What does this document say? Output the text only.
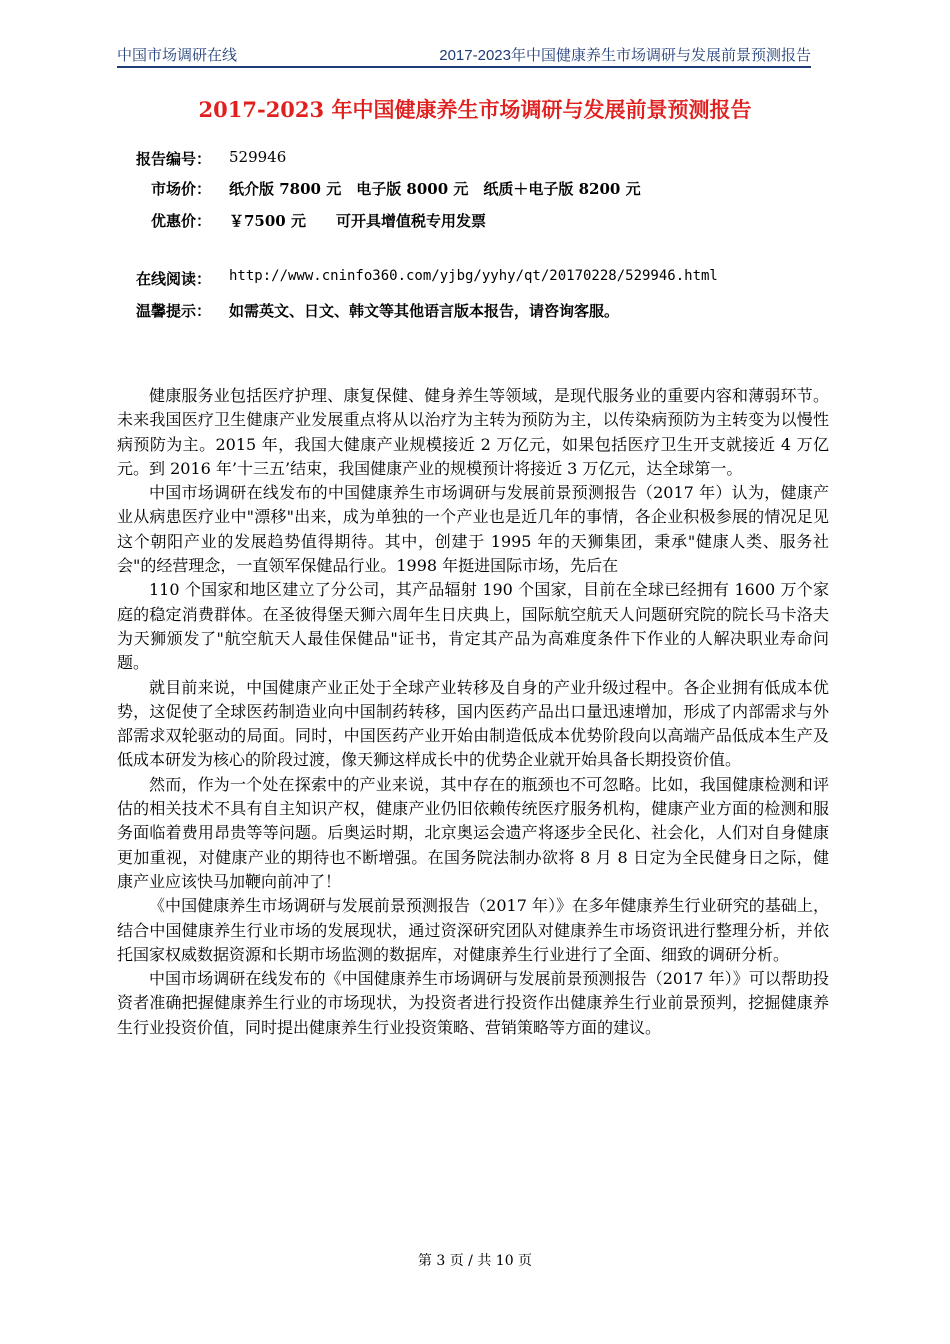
中国市场调研在线	2017-2023年中国健康养生市场调研与发展前景预测报告
2017-2023 年中国健康养生市场调研与发展前景预测报告
报告编号： 529946
市场价： 纸介版 7800 元　电子版 8000 元　纸质＋电子版 8200 元
优惠价： ￥7500 元　　可开具增值税专用发票
在线阅读： http://www.cninfo360.com/yjbg/yyhy/qt/20170228/529946.html
温馨提示： 如需英文、日文、韩文等其他语言版本报告，请咨询客服。

健康服务业包括医疗护理、康复保健、健身养生等领域，是现代服务业的重要内容和薄弱环节。未来我国医疗卫生健康产业发展重点将从以治疗为主转为预防为主，以传染病预防为主转变为以慢性病预防为主。2015 年，我国大健康产业规模接近 2 万亿元，如果包括医疗卫生开支就接近 4 万亿元。到 2016 年’十三五’结束，我国健康产业的规模预计将接近 3 万亿元，达全球第一。

中国市场调研在线发布的中国健康养生市场调研与发展前景预测报告（2017 年）认为，健康产业从病患医疗业中"漂移"出来，成为单独的一个产业也是近几年的事情，各企业积极参展的情况足见这个朝阳产业的发展趋势值得期待。其中，创建于 1995 年的天狮集团，秉承"健康人类、服务社会"的经营理念，一直领军保健品行业。1998 年挺进国际市场，先后在

110 个国家和地区建立了分公司，其产品辐射 190 个国家，目前在全球已经拥有 1600 万个家庭的稳定消费群体。在圣彼得堡天狮六周年生日庆典上，国际航空航天人问题研究院的院长马卡洛夫为天狮颁发了"航空航天人最佳保健品"证书，肯定其产品为高难度条件下作业的人解决职业寿命问题。

就目前来说，中国健康产业正处于全球产业转移及自身的产业升级过程中。各企业拥有低成本优势，这促使了全球医药制造业向中国制药转移，国内医药产品出口量迅速增加，形成了内部需求与外部需求双轮驱动的局面。同时，中国医药产业开始由制造低成本优势阶段向以高端产品低成本生产及低成本研发为核心的阶段过渡，像天狮这样成长中的优势企业就开始具备长期投资价值。

然而，作为一个处在探索中的产业来说，其中存在的瓶颈也不可忽略。比如，我国健康检测和评估的相关技术不具有自主知识产权，健康产业仍旧依赖传统医疗服务机构，健康产业方面的检测和服务面临着费用昂贵等等问题。后奥运时期，北京奥运会遗产将逐步全民化、社会化，人们对自身健康更加重视，对健康产业的期待也不断增强。在国务院法制办欲将 8 月 8 日定为全民健身日之际，健康产业应该快马加鞭向前冲了！

《中国健康养生市场调研与发展前景预测报告（2017 年）》在多年健康养生行业研究的基础上，结合中国健康养生行业市场的发展现状，通过资深研究团队对健康养生市场资讯进行整理分析，并依托国家权威数据资源和长期市场监测的数据库，对健康养生行业进行了全面、细致的调研分析。

中国市场调研在线发布的《中国健康养生市场调研与发展前景预测报告（2017 年）》可以帮助投资者准确把握健康养生行业的市场现状，为投资者进行投资作出健康养生行业前景预判，挖掘健康养生行业投资价值，同时提出健康养生行业投资策略、营销策略等方面的建议。

第 3 页 / 共 10 页
